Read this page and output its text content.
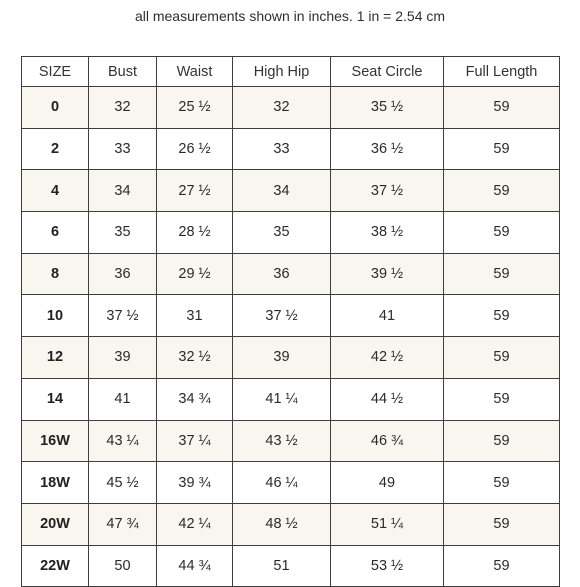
all measurements shown in inches. 1 in = 2.54 cm
SIZE	Bust	Waist	High Hip	Seat Circle	Full Length
0	32	25 ½	32	35 ½	59
2	33	26 ½	33	36 ½	59
4	34	27 ½	34	37 ½	59
6	35	28 ½	35	38 ½	59
8	36	29 ½	36	39 ½	59
10	37 ½	31	37 ½	41	59
12	39	32 ½	39	42 ½	59
14	41	34 ¾	41 ¼	44 ½	59
16W	43 ¼	37 ¼	43 ½	46 ¾	59
18W	45 ½	39 ¾	46 ¼	49	59
20W	47 ¾	42 ¼	48 ½	51 ¼	59
22W	50	44 ¾	51	53 ½	59
